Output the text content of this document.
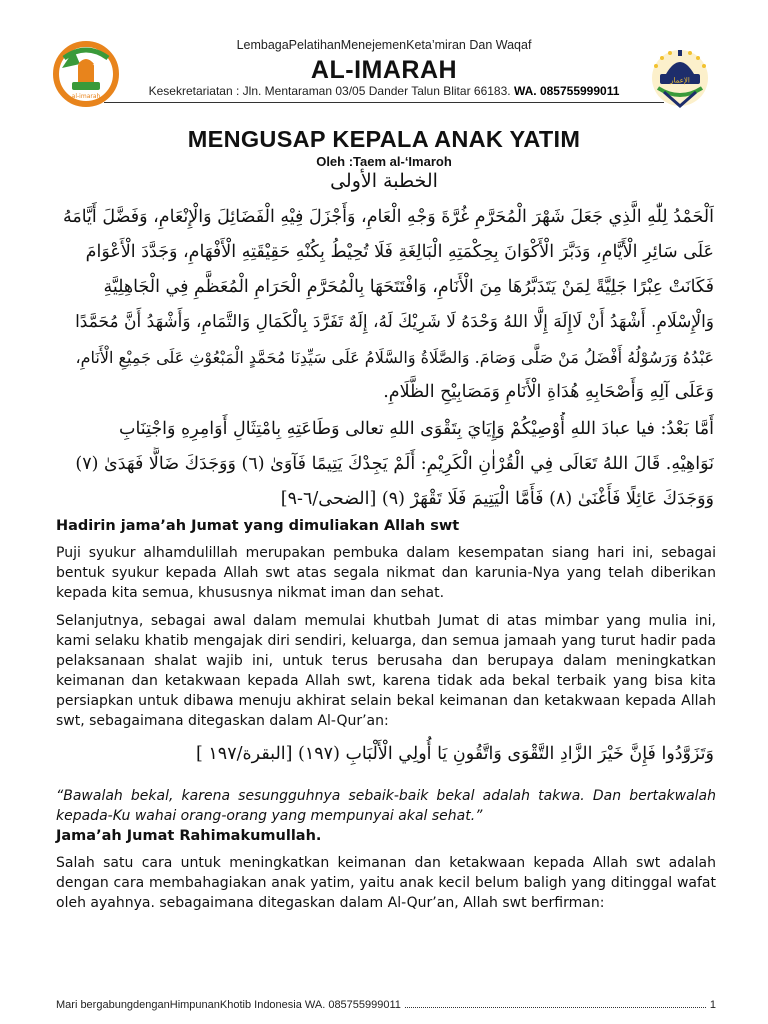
al-imarah
LembagaPelatihanMenejemenKeta’miran Dan Waqaf
AL-IMARAH
Kesekretariatan : Jln. Mentaraman 03/05 Dander Talun Blitar 66183. WA. 085755999011
الإعمار
MENGUSAP KEPALA ANAK YATIM
Oleh :Taem al-‘Imaroh
الخطبة الأولى
اَلْحَمْدُ لِلّٰهِ الَّذِي جَعَلَ شَهْرَ الْمُحَرَّمِ غُرَّةَ وَجْهِ الْعَامِ، وَأَجْزَلَ فِيْهِ الْفَضَائِلَ وَالْإِنْعَامِ، وَفَضَّلَ أَيَّامَهُ
عَلَى سَائِرِ الْأَيَّامِ، وَدَبَّرَ الْأَكْوَانَ بِحِكْمَتِهِ الْبَالِغَةِ فَلَا تُحِيْطُ بِكُنْهِ حَقِيْقَتِهِ الْأَفْهَامِ، وَجَدَّدَ الْأَعْوَامَ
فَكَانَتْ عِبْرًا جَلِيَّةً لِمَنْ يَتَدَبَّرُهَا مِنَ الْأَنَامِ، وَافْتَتَحَهَا بِالْمُحَرَّمِ الْحَرَامِ الْمُعَظَّمِ فِي الْجَاهِلِيَّةِ
وَالْإِسْلَامِ. أَشْهَدُ أَنْ لَاإِلَهَ إِلَّا اللهُ وَحْدَهُ لَا شَرِيْكَ لَهُ، إِلَهٌ تَفَرَّدَ بِالْكَمَالِ وَالتَّمَامِ، وَأَشْهَدُ أَنَّ مُحَمَّدًا
عَبْدُهُ وَرَسُوْلُهُ أَفْضَلُ مَنْ صَلَّى وَصَامَ. وَالصَّلَاةُ وَالسَّلَامُ عَلَى سَيِّدِنَا مُحَمَّدٍ الْمَبْعُوْثِ عَلَى جَمِيْعِ الْأَنَامِ،
وَعَلَى آلِهِ وَأَصْحَابِهِ هُدَاةِ الْأَنَامِ وَمَصَابِيْحِ الظَّلَامِ.
أَمَّا بَعْدُ: فيا عبادَ اللهِ أُوْصِيْكُمْ وَإِيَايَ بِتَقْوَى اللهِ تعالى وَطَاعَتِهِ بِامْتِثَالِ أَوَامِرِهِ وَاجْتِنَابِ
نَوَاهِيْهِ. قَالَ اللهُ تَعَالَى فِي الْقُرْاٰنِ الْكَرِيْمِ: أَلَمْ يَجِدْكَ يَتِيمًا فَآوَىٰ (٦) وَوَجَدَكَ ضَالًّا فَهَدَىٰ (٧)
وَوَجَدَكَ عَائِلًا فَأَغْنَىٰ (٨) فَأَمَّا الْيَتِيمَ فَلَا تَقْهَرْ (٩) [الضحى/٦-٩]
Hadirin jama’ah Jumat yang dimuliakan Allah swt
Puji syukur alhamdulillah merupakan pembuka dalam kesempatan siang hari ini, sebagai bentuk syukur kepada Allah swt atas segala nikmat dan karunia-Nya yang telah diberikan kepada kita semua, khususnya nikmat iman dan sehat.
Selanjutnya, sebagai awal dalam memulai khutbah Jumat di atas mimbar yang mulia ini, kami selaku khatib mengajak diri sendiri, keluarga, dan semua jamaah yang turut hadir pada pelaksanaan shalat wajib ini, untuk terus berusaha dan berupaya dalam meningkatkan keimanan dan ketakwaan kepada Allah swt, karena tidak ada bekal terbaik yang bisa kita persiapkan untuk dibawa menuju akhirat selain bekal keimanan dan ketakwaan kepada Allah swt, sebagaimana ditegaskan dalam Al-Qur’an:
وَتَزَوَّدُوا فَإِنَّ خَيْرَ الزَّادِ التَّقْوَى وَاتَّقُونِ يَا أُولِي الْأَلْبَابِ (١٩٧) [البقرة/١٩٧ ]
“Bawalah bekal, karena sesungguhnya sebaik-baik bekal adalah takwa. Dan bertakwalah kepada-Ku wahai orang-orang yang mempunyai akal sehat.”
Jama’ah Jumat Rahimakumullah.
Salah satu cara untuk meningkatkan keimanan dan ketakwaan kepada Allah swt adalah dengan cara membahagiakan anak yatim, yaitu anak kecil belum baligh yang ditinggal wafat oleh ayahnya. sebagaimana ditegaskan dalam Al-Qur’an, Allah swt berfirman:
Mari bergabungdenganHimpunanKhotib Indonesia WA. 085755999011	1
